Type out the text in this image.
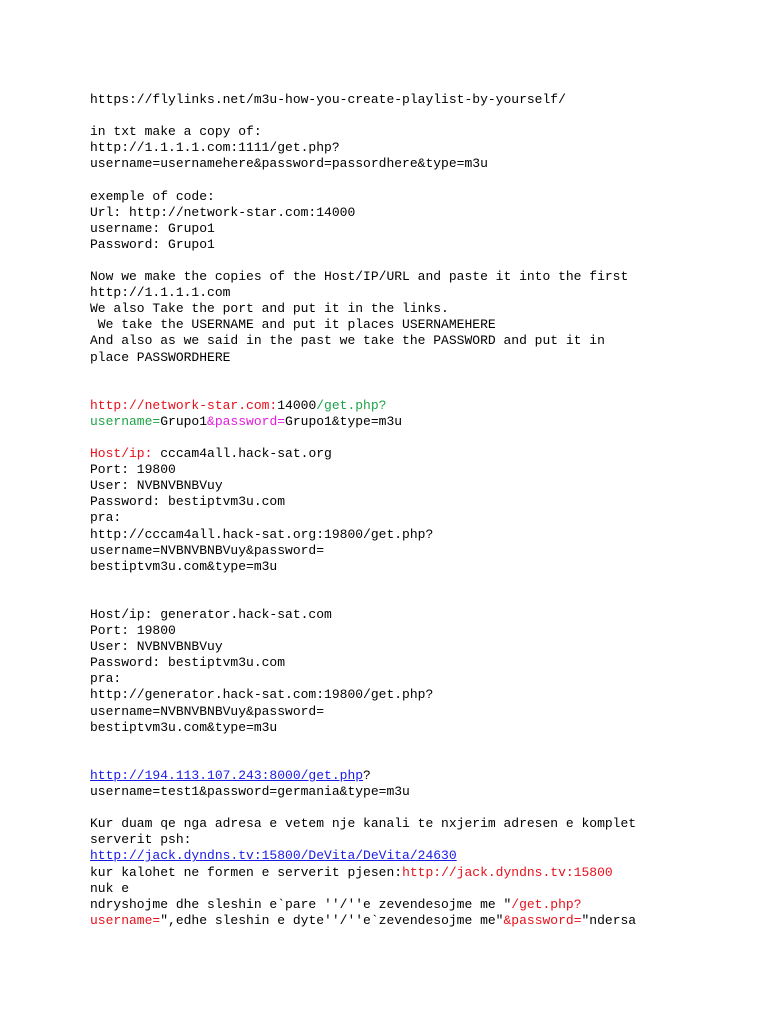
https://flylinks.net/m3u-how-you-create-playlist-by-yourself/
in txt make a copy of:
http://1.1.1.1.com:1111/get.php?
username=usernamehere&password=passordhere&type=m3u
exemple of code:
Url: http://network-star.com:14000
username: Grupo1
Password: Grupo1
Now we make the copies of the Host/IP/URL and paste it into the first
http://1.1.1.1.com
We also Take the port and put it in the links.
We take the USERNAME and put it places USERNAMEHERE
And also as we said in the past we take the PASSWORD and put it in
place PASSWORDHERE
http://network-star.com:14000/get.php?
username=Grupo1&password=Grupo1&type=m3u
Host/ip: cccam4all.hack-sat.org
Port: 19800
User: NVBNVBNBVuy
Password: bestiptvm3u.com
pra:
http://cccam4all.hack-sat.org:19800/get.php?
username=NVBNVBNBVuy&password=
bestiptvm3u.com&type=m3u
Host/ip: generator.hack-sat.com
Port: 19800
User: NVBNVBNBVuy
Password: bestiptvm3u.com
pra:
http://generator.hack-sat.com:19800/get.php?
username=NVBNVBNBVuy&password=
bestiptvm3u.com&type=m3u
http://194.113.107.243:8000/get.php?
username=test1&password=germania&type=m3u
Kur duam qe nga adresa e vetem nje kanali te nxjerim adresen e komplet
serverit psh:
http://jack.dyndns.tv:15800/DeVita/DeVita/24630
kur kalohet ne formen e serverit pjesen:http://jack.dyndns.tv:15800
nuk e
ndryshojme dhe sleshin e`pare ''/''e zevendesojme me "/get.php?
username=",edhe sleshin e dyte''/''e`zevendesojme me"&password="ndersa
